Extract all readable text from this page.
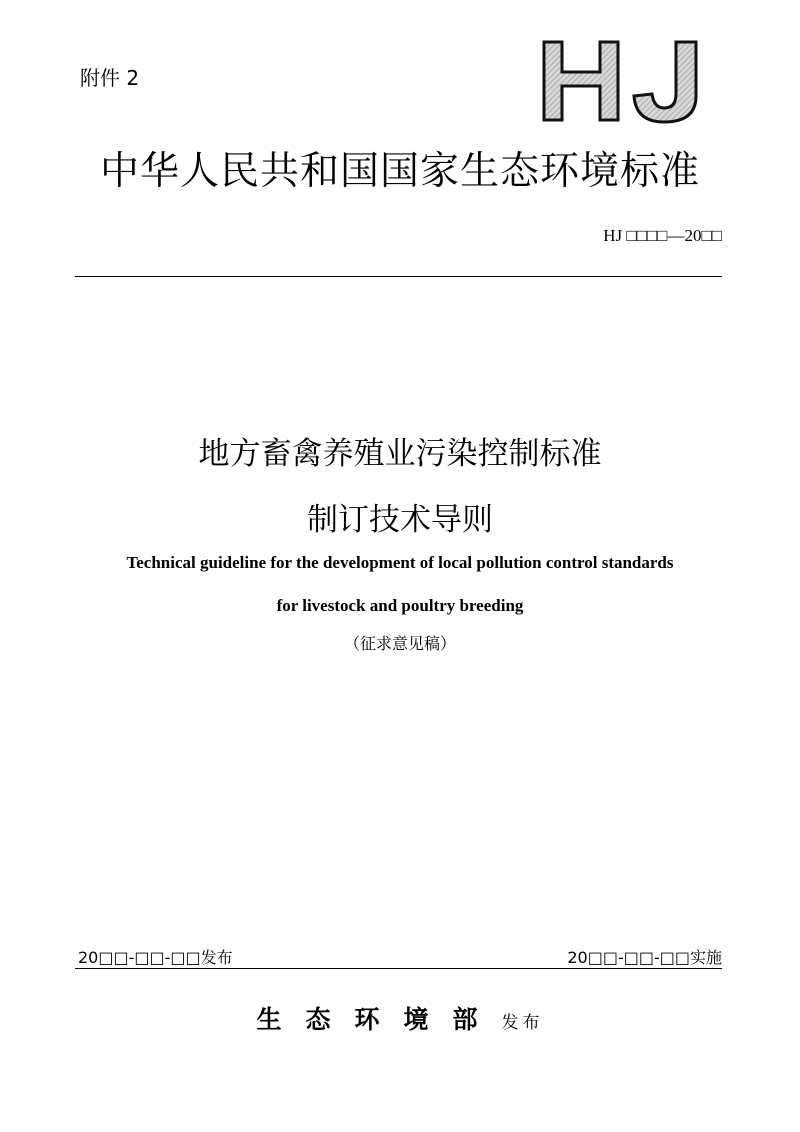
附件 2
中华人民共和国国家生态环境标准
HJ □□□□—20□□
地方畜禽养殖业污染控制标准
制订技术导则
Technical guideline for the development of local pollution control standards
for livestock and poultry breeding
（征求意见稿）
20□□-□□-□□发布	20□□-□□-□□实施
生态环境部发布
